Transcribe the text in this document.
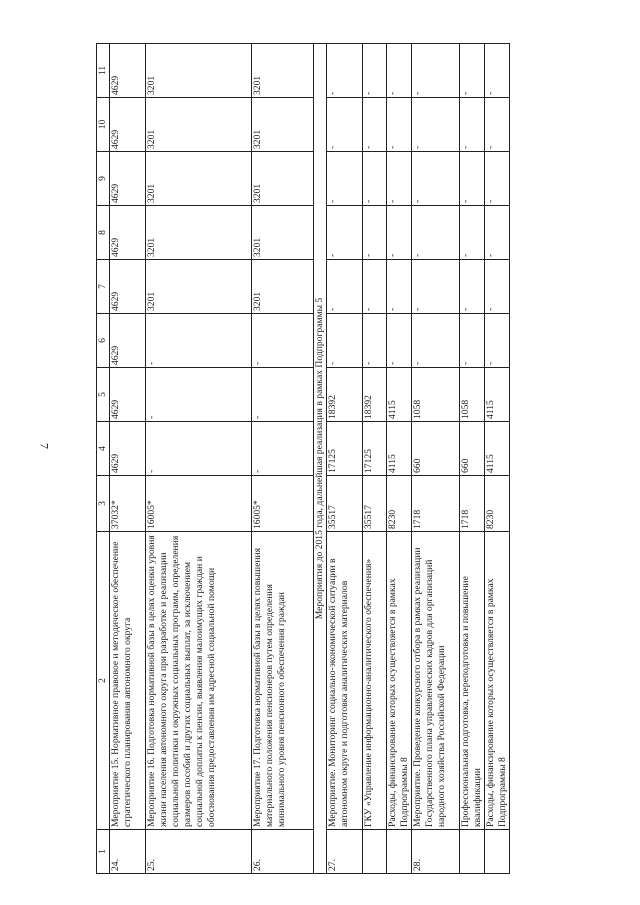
7
1	2	3	4	5	6	7	8	9	10	11
24.	Мероприятие 15. Нормативное правовое и методическое обеспечение стратегического планирования автономного округа	37032*	4629	4629	4629	4629	4629	4629	4629	4629
25.	Мероприятие 16. Подготовка нормативной базы в целях оценки уровня жизни населения автономного округа при разработке и реализации социальной политики и окружных социальных программ, определения размеров пособий и других социальных выплат, за исключением социальной доплаты к пенсии, выявления малоимущих граждан и обоснования предоставления им адресной социальной помощи	16005*	-	-	-	3201	3201	3201	3201	3201
26.	Мероприятие 17. Подготовка нормативной базы в целях повышения материального положения пенсионеров путем определения минимального уровня пенсионного обеспечения граждан	16005*	-	-	-	3201	3201	3201	3201	3201
Мероприятия до 2015 года, дальнейшая реализация в рамках Подпрограммы 5										
27.	Мероприятие. Мониторинг социально-экономической ситуации в автономном округе и подготовка аналитических материалов	35517	17125	18392	-	-	-	-	-	-
	ГКУ «Управление информационно-аналитического обеспечения»	35517	17125	18392	-	-	-	-	-	-
	Расходы, финансирование которых осуществляется в рамках Подпрограммы 8	8230	4115	4115	-	-	-	-	-	-
28.	Мероприятие. Проведение конкурсного отбора в рамках реализации Государственного плана управленческих кадров для организаций народного хозяйства Российской Федерации	1718	660	1058	-	-	-	-	-	-
	Профессиональная подготовка, переподготовка и повышение квалификации	1718	660	1058	-	-	-	-	-	-
	Расходы, финансирование которых осуществляется в рамках Подпрограммы 8	8230	4115	4115	-	-	-	-	-	-
